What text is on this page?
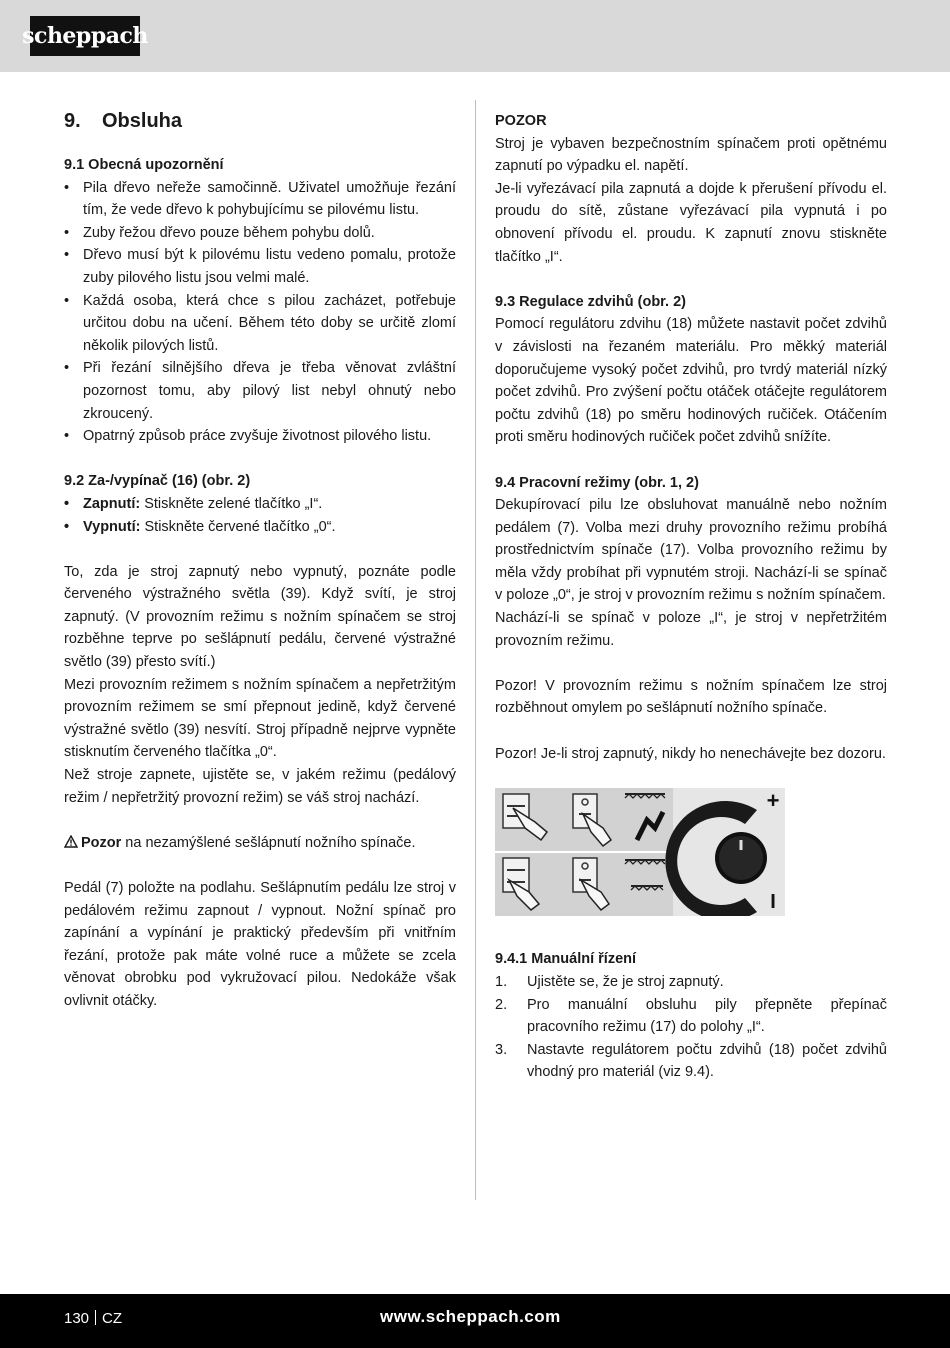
scheppach
9. Obsluha
9.1 Obecná upozornění
• Pila dřevo neřeže samočinně. Uživatel umožňuje řezání tím, že vede dřevo k pohybujícímu se pilovému listu.
• Zuby řežou dřevo pouze během pohybu dolů.
• Dřevo musí být k pilovému listu vedeno pomalu, protože zuby pilového listu jsou velmi malé.
• Každá osoba, která chce s pilou zacházet, potřebuje určitou dobu na učení. Během této doby se určitě zlomí několik pilových listů.
• Při řezání silnějšího dřeva je třeba věnovat zvláštní pozornost tomu, aby pilový list nebyl ohnutý nebo zkroucený.
• Opatrný způsob práce zvyšuje životnost pilového listu.
9.2 Za-/vypínač (16) (obr. 2)
• Zapnutí: Stiskněte zelené tlačítko „I“.
• Vypnutí: Stiskněte červené tlačítko „0“.

To, zda je stroj zapnutý nebo vypnutý, poznáte podle červeného výstražného světla (39). Když svítí, je stroj zapnutý. (V provozním režimu s nožním spínačem se stroj rozběhne teprve po sešlápnutí pedálu, červené výstražné světlo (39) přesto svítí.)

Mezi provozním režimem s nožním spínačem a nepřetržitým provozním režimem se smí přepnout jedině, když červené výstražné světlo (39) nesvítí. Stroj případně nejprve vypněte stisknutím červeného tlačítka „0“.

Než stroje zapnete, ujistěte se, v jakém režimu (pedálový režim / nepřetržitý provozní režim) se váš stroj nachází.

Pozor na nezamýšlené sešlápnutí nožního spínače.

Pedál (7) položte na podlahu. Sešlápnutím pedálu lze stroj v pedálovém režimu zapnout / vypnout. Nožní spínač pro zapínání a vypínání je praktický především při vnitřním řezání, protože pak máte volné ruce a můžete se zcela věnovat obrobku pod vykružovací pilou. Nedokáže však ovlivnit otáčky.

POZOR

Stroj je vybaven bezpečnostním spínačem proti opětnému zapnutí po výpadku el. napětí.

Je-li vyřezávací pila zapnutá a dojde k přerušení přívodu el. proudu do sítě, zůstane vyřezávací pila vypnutá i po obnovení přívodu el. proudu. K zapnutí znovu stiskněte tlačítko „I“.

9.3 Regulace zdvihů (obr. 2)

Pomocí regulátoru zdvihu (18) můžete nastavit počet zdvihů v závislosti na řezaném materiálu. Pro měkký materiál doporučujeme vysoký počet zdvihů, pro tvrdý materiál nízký počet zdvihů. Pro zvýšení počtu otáček otáčejte regulátorem počtu zdvihů (18) po směru hodinových ručiček. Otáčením proti směru hodinových ručiček počet zdvihů snížíte.

9.4 Pracovní režimy (obr. 1, 2)

Dekupírovací pilu lze obsluhovat manuálně nebo nožním pedálem (7). Volba mezi druhy provozního režimu probíhá prostřednictvím spínače (17). Volba provozního režimu by měla vždy probíhat při vypnutém stroji. Nachází-li se spínač v poloze „0“, je stroj v provozním režimu s nožním spínačem.

Nachází-li se spínač v poloze „I“, je stroj v nepřetržitém provozním režimu.

Pozor! V provozním režimu s nožním spínačem lze stroj rozběhnout omylem po sešlápnutí nožního spínače.

Pozor! Je-li stroj zapnutý, nikdy ho nenechávejte bez dozoru.

+
I
9.4.1 Manuální řízení
1. Ujistěte se, že je stroj zapnutý.
2. Pro manuální obsluhu pily přepněte přepínač pracovního režimu (17) do polohy „I“.
3. Nastavte regulátorem počtu zdvihů (18) počet zdvihů vhodný pro materiál (viz 9.4).
130 CZ	www.scheppach.com
